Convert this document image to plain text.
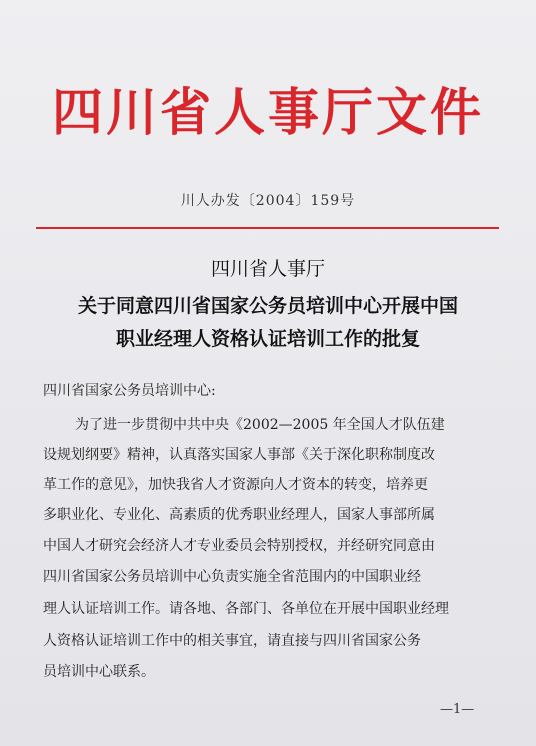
四川省人事厅文件
川人办发〔2004〕159号
四川省人事厅
关于同意四川省国家公务员培训中心开展中国
职业经理人资格认证培训工作的批复
四川省国家公务员培训中心:
为了进一步贯彻中共中央《2002—2005 年全国人才队伍建
设规划纲要》精神，认真落实国家人事部《关于深化职称制度改
革工作的意见》，加快我省人才资源向人才资本的转变，培养更
多职业化、专业化、高素质的优秀职业经理人，国家人事部所属
中国人才研究会经济人才专业委员会特别授权，并经研究同意由
四川省国家公务员培训中心负责实施全省范围内的中国职业经
理人认证培训工作。请各地、各部门、各单位在开展中国职业经理
人资格认证培训工作中的相关事宜，请直接与四川省国家公务
员培训中心联系。
—1—
